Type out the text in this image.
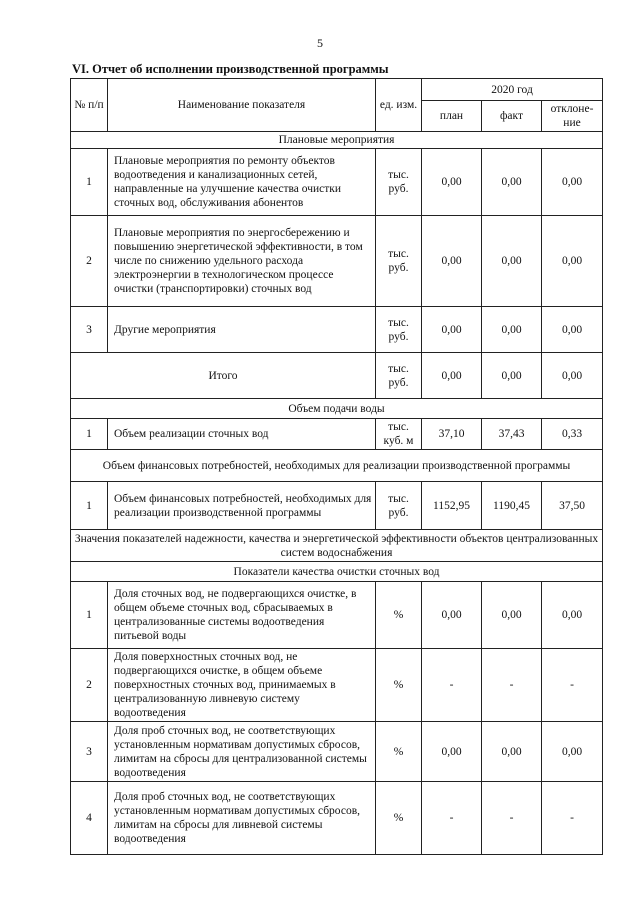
5
VI. Отчет об исполнении производственной программы
№ п/п	Наименование показателя	ед. изм.	2020 год		
			план	факт	отклоне-ние
Плановые мероприятия					
1	Плановые мероприятия по ремонту объектов водоотведения и канализационных сетей, направленные на улучшение качества очистки сточных вод, обслуживания абонентов	тыс. руб.	0,00	0,00	0,00
2	Плановые мероприятия по энергосбережению и повышению энергетической эффективности, в том числе по снижению удельного расхода электроэнергии в технологическом процессе очистки (транспортировки) сточных вод	тыс. руб.	0,00	0,00	0,00
3	Другие мероприятия	тыс. руб.	0,00	0,00	0,00
Итого		тыс. руб.	0,00	0,00	0,00
Объем подачи воды					
1	Объем реализации сточных вод	тыс. куб. м	37,10	37,43	0,33
Объем финансовых потребностей, необходимых для реализации производственной программы					
1	Объем финансовых потребностей, необходимых для реализации производственной программы	тыс. руб.	1152,95	1190,45	37,50
Значения показателей надежности, качества и энергетической эффективности объектов централизованных систем водоснабжения					
Показатели качества очистки сточных вод					
1	Доля сточных вод, не подвергающихся очистке, в общем объеме сточных вод, сбрасываемых в централизованные системы водоотведения питьевой воды	%	0,00	0,00	0,00
2	Доля поверхностных сточных вод, не подвергающихся очистке, в общем объеме поверхностных сточных вод, принимаемых в централизованную ливневую систему водоотведения	%	-	-	-
3	Доля проб сточных вод, не соответствующих установленным нормативам допустимых сбросов, лимитам на сбросы для централизованной системы водоотведения	%	0,00	0,00	0,00
4	Доля проб сточных вод, не соответствующих установленным нормативам допустимых сбросов, лимитам на сбросы для ливневой системы водоотведения	%	-	-	-
